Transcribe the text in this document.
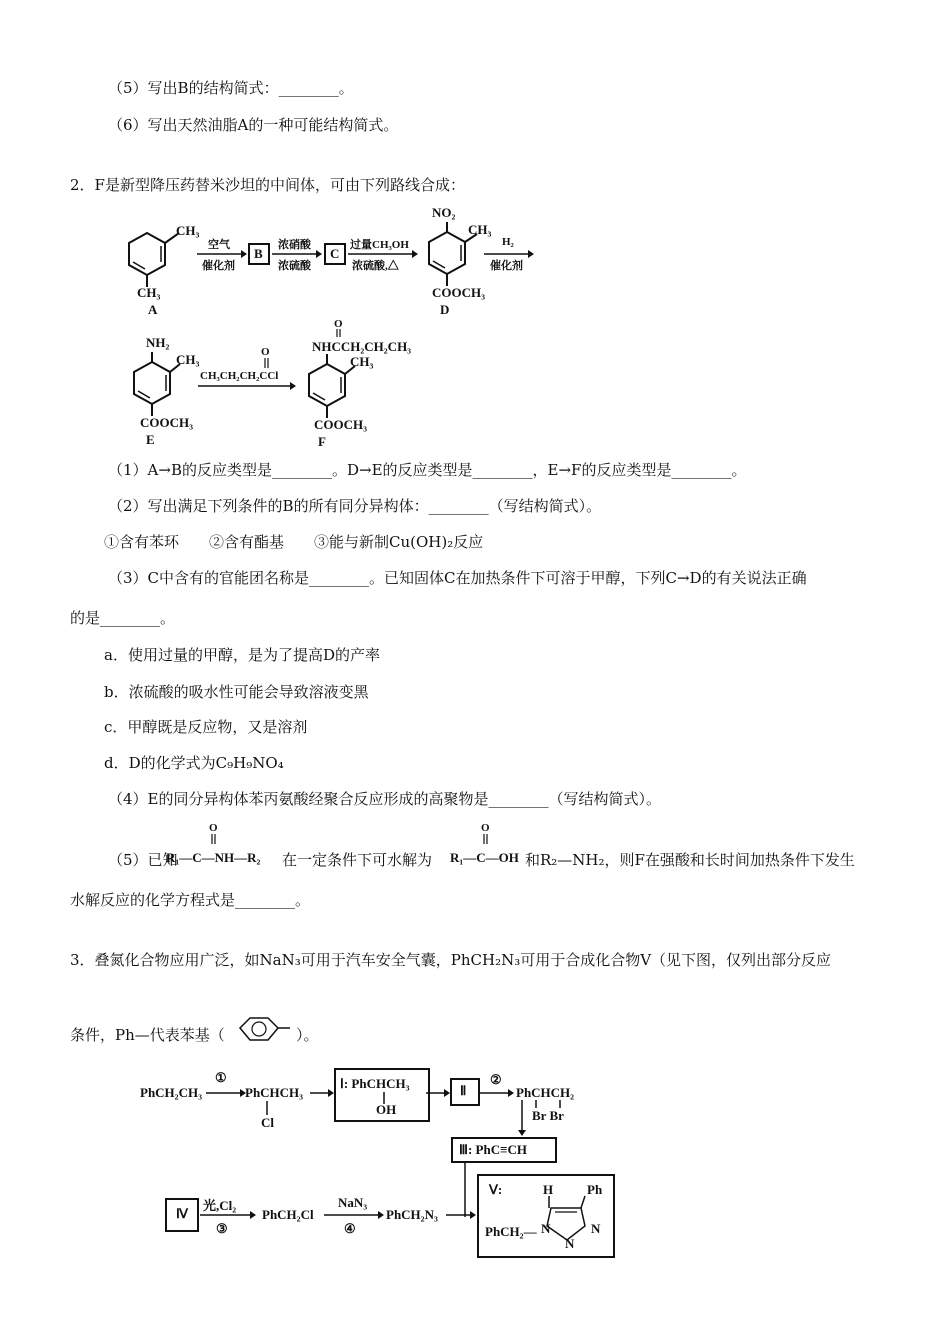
（5）写出B的结构简式：________。
（6）写出天然油脂A的一种可能结构简式。
2．F是新型降压药替米沙坦的中间体，可由下列路线合成：
CH₃
CH₃
A
空气
催化剂
B
浓硝酸
浓硫酸
C
过量CH₃OH
浓硫酸,△
NO₂
CH₃
COOCH₃
D
H₂
催化剂
NH₂
CH₃
COOCH₃
E
O
CH₃CH₂CH₂CCl
O
NHCCH₂CH₂CH₃
CH₃
COOCH₃
F
（1）A→B的反应类型是________。D→E的反应类型是________，E→F的反应类型是________。
（2）写出满足下列条件的B的所有同分异构体：________（写结构简式）。
①含有苯环　　②含有酯基　　③能与新制Cu(OH)₂反应
（3）C中含有的官能团名称是________。已知固体C在加热条件下可溶于甲醇，下列C→D的有关说法正确
的是________。
a．使用过量的甲醇，是为了提高D的产率
b．浓硫酸的吸水性可能会导致溶液变黑
c．甲醇既是反应物，又是溶剂
d．D的化学式为C₉H₉NO₄
（4）E的同分异构体苯丙氨酸经聚合反应形成的高聚物是________（写结构简式）。
（5）已知
O
R₁—C—NH—R₂ 在一定条件下可水解为
O
R₁—C—OH 和R₂—NH₂，则F在强酸和长时间加热条件下发生
水解反应的化学方程式是________。
3．叠氮化合物应用广泛，如NaN₃可用于汽车安全气囊，PhCH₂N₃可用于合成化合物Ⅴ（见下图，仅列出部分反应
条件，Ph—代表苯基（	）。
PhCH₂CH₃
①
PhCHCH₃
Cl
Ⅰ: PhCHCH₃
OH
Ⅱ
②
PhCHCH₂
Br Br
Ⅲ: PhC≡CH
Ⅳ
光,Cl₂
③
PhCH₂Cl
NaN₃
④
PhCH₂N₃
Ⅴ:	H	Ph
PhCH₂— N	N
N
